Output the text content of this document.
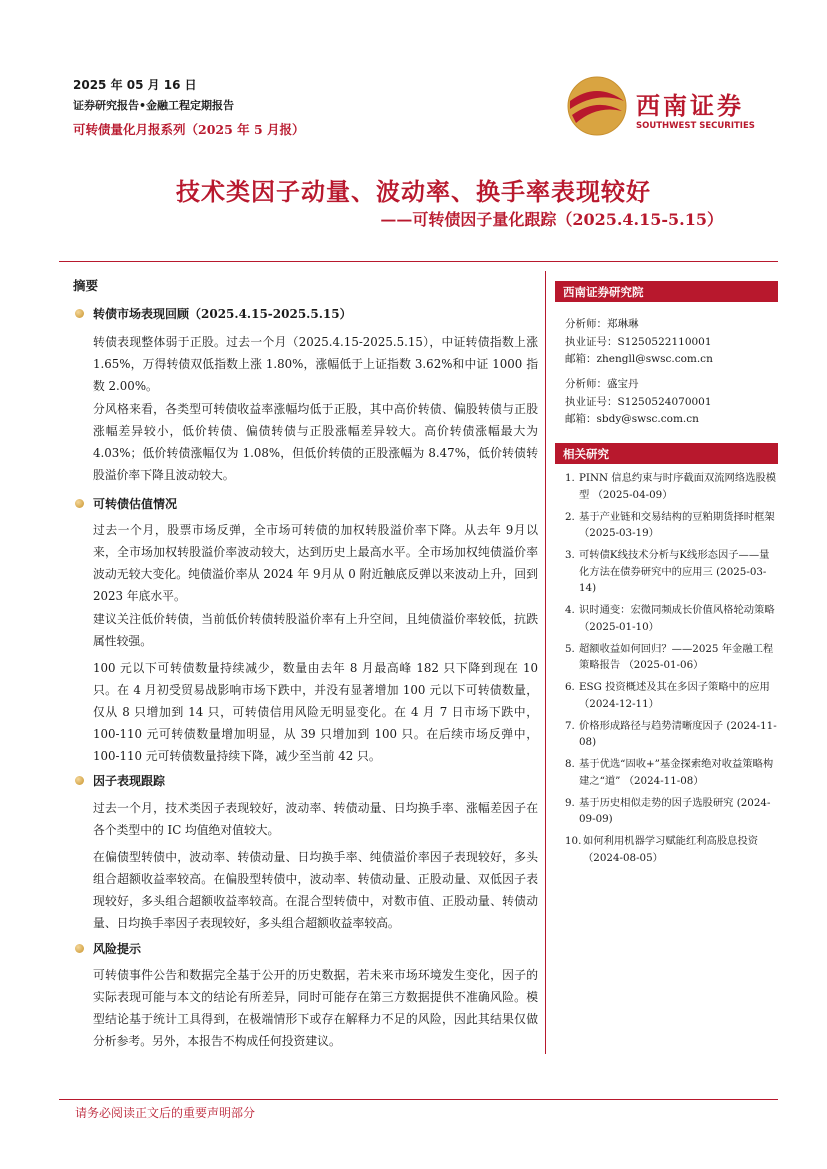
2025 年 05 月 16 日
证券研究报告•金融工程定期报告
可转债量化月报系列（2025 年 5 月报）
西南证券
SOUTHWEST SECURITIES
技术类因子动量、波动率、换手率表现较好
——可转债因子量化跟踪（2025.4.15-5.15）
摘要
转债市场表现回顾（2025.4.15-2025.5.15）
转债表现整体弱于正股。过去一个月（2025.4.15-2025.5.15），中证转债指数上涨 1.65%，万得转债双低指数上涨 1.80%，涨幅低于上证指数 3.62%和中证 1000 指数 2.00%。
分风格来看，各类型可转债收益率涨幅均低于正股，其中高价转债、偏股转债与正股涨幅差异较小，低价转债、偏债转债与正股涨幅差异较大。高价转债涨幅最大为 4.03%；低价转债涨幅仅为 1.08%，但低价转债的正股涨幅为 8.47%，低价转债转股溢价率下降且波动较大。
可转债估值情况
过去一个月，股票市场反弹，全市场可转债的加权转股溢价率下降。从去年 9月以来，全市场加权转股溢价率波动较大，达到历史上最高水平。全市场加权纯债溢价率波动无较大变化。纯债溢价率从 2024 年 9月从 0 附近触底反弹以来波动上升，回到 2023 年底水平。
建议关注低价转债，当前低价转债转股溢价率有上升空间，且纯债溢价率较低，抗跌属性较强。
100 元以下可转债数量持续减少，数量由去年 8 月最高峰 182 只下降到现在 10 只。在 4 月初受贸易战影响市场下跌中，并没有显著增加 100 元以下可转债数量，仅从 8 只增加到 14 只，可转债信用风险无明显变化。在 4 月 7 日市场下跌中，100-110 元可转债数量增加明显，从 39 只增加到 100 只。在后续市场反弹中，100-110 元可转债数量持续下降，减少至当前 42 只。
因子表现跟踪
过去一个月，技术类因子表现较好，波动率、转债动量、日均换手率、涨幅差因子在各个类型中的 IC 均值绝对值较大。
在偏债型转债中，波动率、转债动量、日均换手率、纯债溢价率因子表现较好，多头组合超额收益率较高。在偏股型转债中，波动率、转债动量、正股动量、双低因子表现较好，多头组合超额收益率较高。在混合型转债中，对数市值、正股动量、转债动量、日均换手率因子表现较好，多头组合超额收益率较高。
风险提示
可转债事件公告和数据完全基于公开的历史数据，若未来市场环境发生变化，因子的实际表现可能与本文的结论有所差异，同时可能存在第三方数据提供不准确风险。模型结论基于统计工具得到，在极端情形下或存在解释力不足的风险，因此其结果仅做分析参考。另外，本报告不构成任何投资建议。
西南证券研究院
分析师：郑琳琳
执业证号：S1250522110001
邮箱：zhengll@swsc.com.cn
分析师：盛宝丹
执业证号：S1250524070001
邮箱：sbdy@swsc.com.cn
相关研究
1. PINN 信息约束与时序截面双流网络选股模型 （2025-04-09）
2. 基于产业链和交易结构的豆粕期货择时框架 （2025-03-19）
3. 可转债K线技术分析与K线形态因子——量化方法在债券研究中的应用三 (2025-03-14)
4. 识时通变：宏微同频成长价值风格轮动策略 （2025-01-10）
5. 超额收益如何回归？——2025 年金融工程策略报告 （2025-01-06）
6. ESG 投资概述及其在多因子策略中的应用 （2024-12-11）
7. 价格形成路径与趋势清晰度因子 (2024-11-08)
8. 基于优选“固收+”基金探索绝对收益策略构建之“道” （2024-11-08）
9. 基于历史相似走势的因子选股研究 (2024-09-09)
10. 如何利用机器学习赋能红利高股息投资 （2024-08-05）
请务必阅读正文后的重要声明部分
